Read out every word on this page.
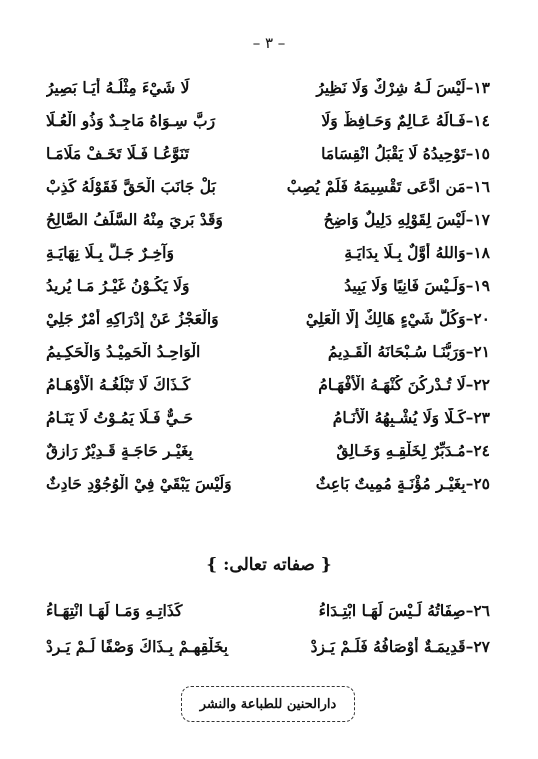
– ٣ –
١٣–لَيْسَ لَـهُ شِرْكٌ وَلَا نَظِيرُ
لَا شَيْءَ مِثْلُـهُ أَيَـا بَصِيرُ
١٤–فَـالَهُ عَـالِمٌ وَحَـافِظٌ وَلَا
رَبَّ سِـوَاهُ مَاجِـدٌ وَذُو الْعُـلَا
١٥–تَوْحِيدُهُ لَا يَقْبَلُ انْقِسَامَا
تَنَوَّعُـا فَـلَا تَخَـفْ مَلَامَـا
١٦–مَنِ ادَّعَى تَقْسِيمَهُ فَلَمْ يُصِبْ
بَلْ جَانَبَ الْحَقَّ فَقَوْلُهُ كَذِبْ
١٧–لَيْسَ لِقَوْلِهِ دَلِيلٌ وَاضِحُ
وَقَدْ بَرِيَ مِنْهُ السَّلَفُ الصَّالِحُ
١٨–وَاللهُ أَوَّلٌ بِـلَا بِدَايَـةِ
وَآخِـرٌ جَـلَّ بِـلَا نِهَايَـةِ
١٩–وَلَـيْسَ فَانِيًا وَلَا يَبِيدُ
وَلَا يَكُـوْنُ غَيْـرُ مَـا يُرِيدُ
٢٠–وَكُلُّ شَيْءٍ هَالِكٌ إِلَّا الْعَلِيْ
وَالْعَجْزُ عَنْ إِدْرَاكِهِ أَمْرٌ جَلِيْ
٢١–وَرَبُّنَـا سُـبْحَانَهُ الْقَـدِيمُ
الْوَاحِـدُ الْحَمِيْـدُ وَالْحَكِـيمُ
٢٢–لَا تُـدْرِكُنَ كُنْهَـهُ الْأَفْهَـامُ
كَـذَاكَ لَا تَبْلُغُـهُ الْأَوْهَـامُ
٢٣–كَـلَّا وَلَا يُشْـبِهُهُ الْأَنَـامُ
حَـيٌّ فَـلَا يَمُـوْتُ لَا يَنَـامُ
٢٤–مُـدَبِّرٌ لِخَلْقِـهِ وَخَـالِقٌ
بِغَيْـرِ حَاجَـةٍ قَـدِيْرٌ رَازِقٌ
٢٥–بِغَيْـرِ مُؤْنَـةٍ مُمِيتٌ بَاعِثٌ
وَلَيْسَ يَبْقَيْ فِيْ الْوُجُوْدِ حَادِثٌ
{ صفاته تعالى: }
٢٦–صِفَاتُهُ لَـيْسَ لَهَـا ابْتِـدَاءُ
كَذَاتِـهِ وَمَـا لَهَـا انْتِهَـاءُ
٢٧–قَدِيمَـةٌ أَوْصَافُهُ فَلَـمْ يَـزِدْ
بِخَلْقِهِـمْ بِـذَاكَ وَصْفًا لَـمْ يَـرِدْ
دارالحنين للطباعة والنشر
